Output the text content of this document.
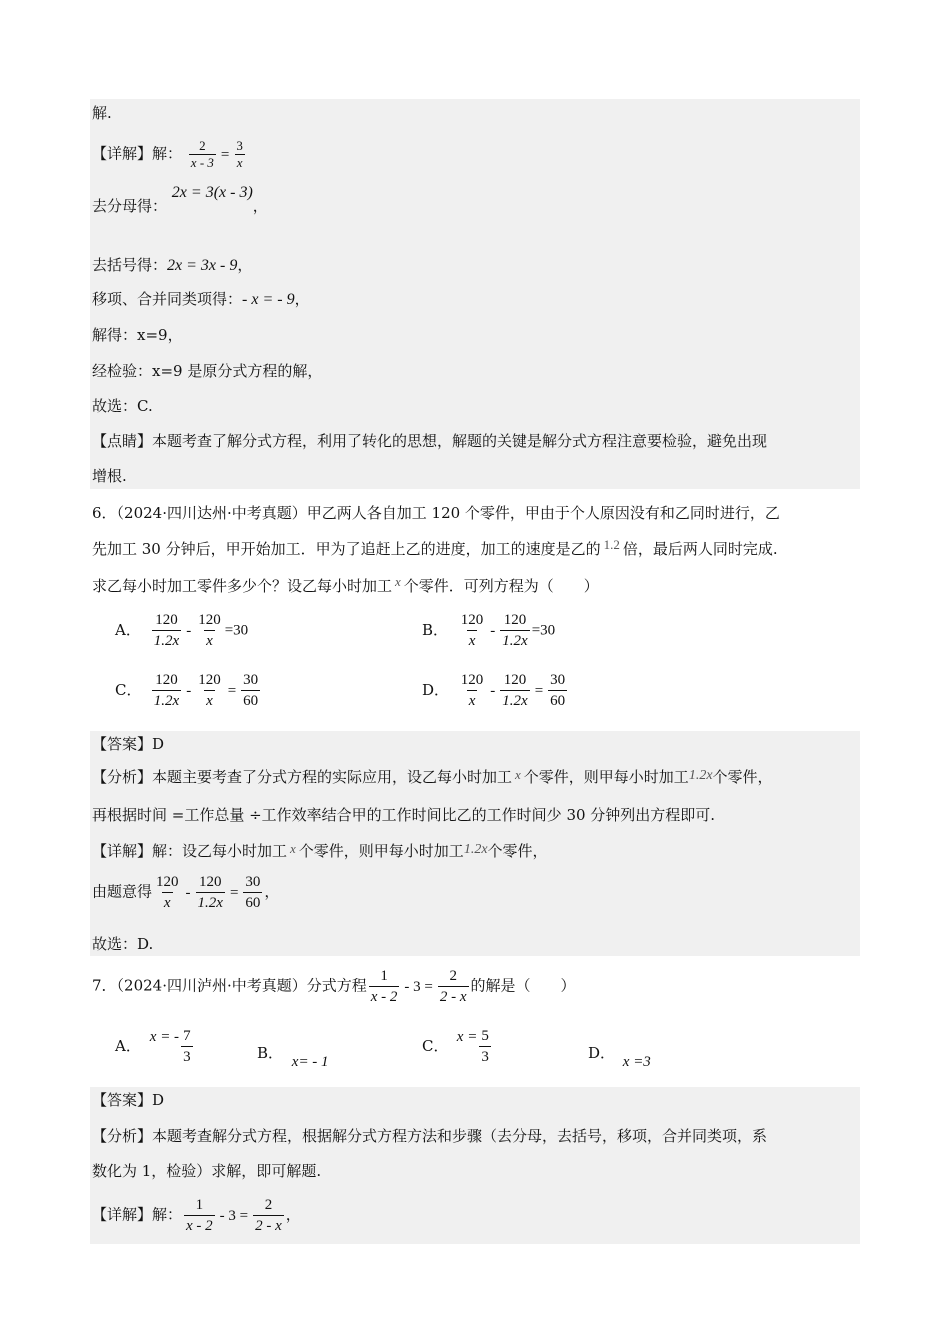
解.
【详解】解： $\frac{2}{x - 3} = \frac{3}{x}$
去分母得： 2x = 3(x - 3)，
去括号得：2x = 3x - 9，
移项、合并同类项得：- x = - 9，
解得：x=9，
经检验：x=9 是原分式方程的解，
故选：C.
【点睛】本题考查了解分式方程，利用了转化的思想，解题的关键是解分式方程注意要检验，避免出现
增根.
6．（2024·四川达州·中考真题）甲乙两人各自加工 120 个零件，甲由于个人原因没有和乙同时进行，乙
先加工 30 分钟后，甲开始加工．甲为了追赶上乙的进度，加工的速度是乙的 1.2 倍，最后两人同时完成.
求乙每小时加工零件多少个？设乙每小时加工 x 个零件．可列方程为（　　）
A． $\frac{120}{1.2x} - \frac{120}{x} =30$	B． $\frac{120}{x} - \frac{120}{1.2x} =30$
C． $\frac{120}{1.2x} - \frac{120}{x} = \frac{30}{60}$	D． $\frac{120}{x} - \frac{120}{1.2x} = \frac{30}{60}$
【答案】D
【分析】本题主要考查了分式方程的实际应用，设乙每小时加工 x 个零件，则甲每小时加工1.2x个零件，
再根据时间 =工作总量 ÷工作效率结合甲的工作时间比乙的工作时间少 30 分钟列出方程即可.
【详解】解：设乙每小时加工 x 个零件，则甲每小时加工1.2x个零件，
由题意得 $\frac{120}{x} - \frac{120}{1.2x} = \frac{30}{60}$ ，
故选：D.
7．（2024·四川泸州·中考真题）分式方程 $\frac{1}{x - 2} - 3 = \frac{2}{2 - x}$ 的解是（　　）
A． x = - $\frac{7}{3}$	B． x= - 1
C． $x = \frac{5}{3}$	D． x =3
【答案】D
【分析】本题考查解分式方程，根据解分式方程方法和步骤（去分母，去括号，移项，合并同类项，系
数化为 1，检验）求解，即可解题.
【详解】解： $\frac{1}{x - 2} - 3 = \frac{2}{2 - x}$ ，
